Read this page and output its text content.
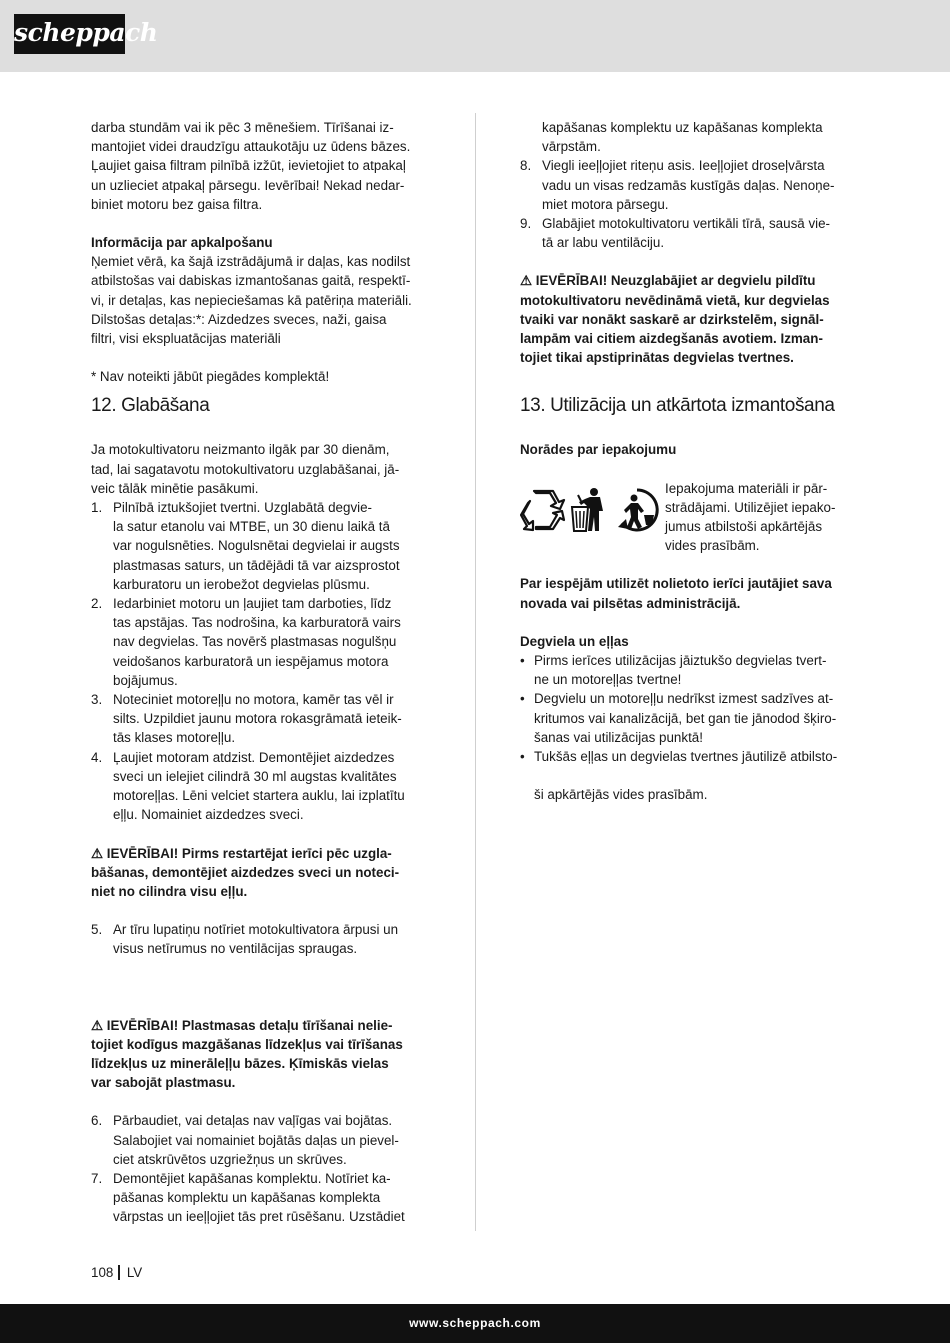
scheppach

darba stundām vai ik pēc 3 mēnešiem. Tīrīšanai iz-
mantojiet videi draudzīgu attaukotāju uz ūdens bāzes.
Ļaujiet gaisa filtram pilnībā izžūt, ievietojiet to atpakaļ
un uzlieciet atpakaļ pārsegu. Ievērībai! Nekad nedar-
biniet motoru bez gaisa filtra.

Informācija par apkalpošanu

Ņemiet vērā, ka šajā izstrādājumā ir daļas, kas nodilst
atbilstošas vai dabiskas izmantošanas gaitā, respektī-
vi, ir detaļas, kas nepieciešamas kā patēriņa materiāli.
Dilstošas detaļas:*: Aizdedzes sveces, naži, gaisa
filtri, visi ekspluatācijas materiāli

* Nav noteikti jābūt piegādes komplektā!

12. Glabāšana

Ja motokultivatoru neizmanto ilgāk par 30 dienām,
tad, lai sagatavotu motokultivatoru uzglabāšanai, jā-
veic tālāk minētie pasākumi.

1. Pilnībā iztukšojiet tvertni. Uzglabātā degvie-
la satur etanolu vai MTBE, un 30 dienu laikā tā
var nogulsnēties. Nogulsnētai degvielai ir augsts
plastmasas saturs, un tādējādi tā var aizsprostot
karburatoru un ierobežot degvielas plūsmu.
2. Iedarbiniet motoru un ļaujiet tam darboties, līdz
tas apstājas. Tas nodrošina, ka karburatorā vairs
nav degvielas. Tas novērš plastmasas nogulšņu
veidošanos karburatorā un iespējamus motora
bojājumus.
3. Noteciniet motoreļļu no motora, kamēr tas vēl ir
silts. Uzpildiet jaunu motora rokasgrāmatā ieteik-
tās klases motoreļļu.
4. Ļaujiet motoram atdzist. Demontējiet aizdedzes
sveci un ielejiet cilindrā 30 ml augstas kvalitātes
motoreļļas. Lēni velciet startera auklu, lai izplatītu
eļļu. Nomainiet aizdedzes sveci.

⚠ IEVĒRĪBAI! Pirms restartējat ierīci pēc uzgla-
bāšanas, demontējiet aizdedzes sveci un noteci-
niet no cilindra visu eļļu.

5. Ar tīru lupatiņu notīriet motokultivatora ārpusi un
visus netīrumus no ventilācijas spraugas.

⚠ IEVĒRĪBAI! Plastmasas detaļu tīrīšanai nelie-
tojiet kodīgus mazgāšanas līdzekļus vai tīrīšanas
līdzekļus uz minerāleļļu bāzes. Ķīmiskās vielas
var sabojāt plastmasu.

6. Pārbaudiet, vai detaļas nav vaļīgas vai bojātas.
Salabojiet vai nomainiet bojātās daļas un pievel-
ciet atskrūvētos uzgriežņus un skrūves.
7. Demontējiet kapāšanas komplektu. Notīriet ka-
pāšanas komplektu un kapāšanas komplekta
vārpstas un ieeļļojiet tās pret rūsēšanu. Uzstādiet

kapāšanas komplektu uz kapāšanas komplekta
vārpstām.

8. Viegli ieeļļojiet riteņu asis. Ieeļļojiet droseļvārsta
vadu un visas redzamās kustīgās daļas. Nenoņe-
miet motora pārsegu.
9. Glabājiet motokultivatoru vertikāli tīrā, sausā vie-
tā ar labu ventilāciju.

⚠ IEVĒRĪBAI! Neuzglabājiet ar degvielu pildītu
motokultivatoru nevēdināmā vietā, kur degvielas
tvaiki var nonākt saskarē ar dzirkstelēm, signāl-
lampām vai citiem aizdegšanās avotiem. Izman-
tojiet tikai apstiprinātas degvielas tvertnes.

13. Utilizācija un atkārtota izmantošana

Norādes par iepakojumu

Iepakojuma materiāli ir pār-
strādājami. Utilizējiet iepako-
jumus atbilstoši apkārtējās
vides prasībām.

Par iespējām utilizēt nolietoto ierīci jautājiet sava
novada vai pilsētas administrācijā.

Degviela un eļļas

• Pirms ierīces utilizācijas jāiztukšo degvielas tvert-
ne un motoreļļas tvertne!
• Degvielu un motoreļļu nedrīkst izmest sadzīves at-
kritumos vai kanalizācijā, bet gan tie jānodod šķiro-
šanas vai utilizācijas punktā!
• Tukšās eļļas un degvielas tvertnes jāutilizē atbilsto-

ši apkārtējās vides prasībām.

108 LV
www.scheppach.com
